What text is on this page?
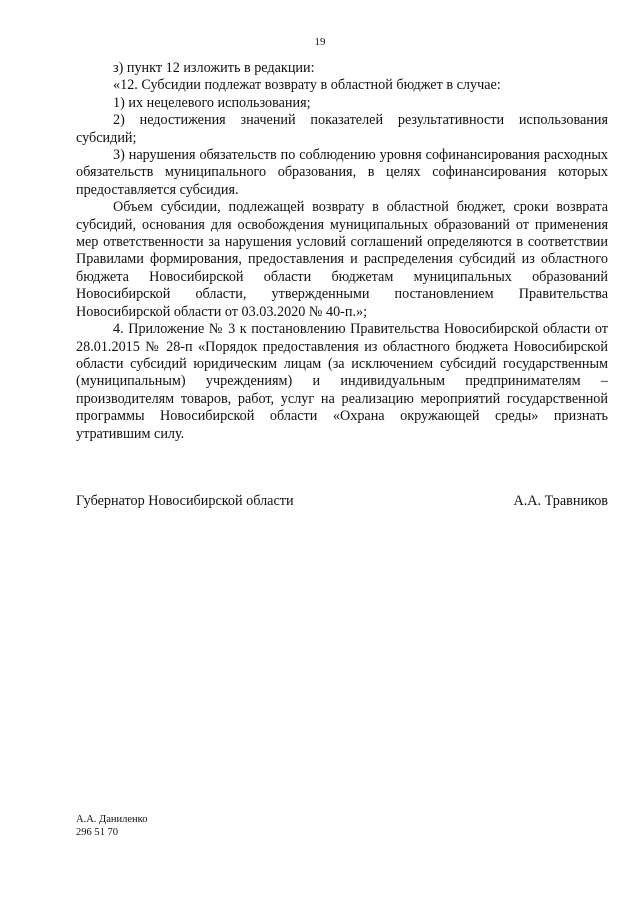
19

з) пункт 12 изложить в редакции:

«12. Субсидии подлежат возврату в областной бюджет в случае:

1) их нецелевого использования;

2) недостижения значений показателей результативности использования субсидий;

3) нарушения обязательств по соблюдению уровня софинансирования расходных обязательств муниципального образования, в целях софинансирования которых предоставляется субсидия.

Объем субсидии, подлежащей возврату в областной бюджет, сроки возврата субсидий, основания для освобождения муниципальных образований от применения мер ответственности за нарушения условий соглашений определяются в соответствии Правилами формирования, предоставления и распределения субсидий из областного бюджета Новосибирской области бюджетам муниципальных образований Новосибирской области, утвержденными постановлением Правительства Новосибирской области от 03.03.2020 № 40-п.»;

4. Приложение № 3 к постановлению Правительства Новосибирской области от 28.01.2015 № 28-п «Порядок предоставления из областного бюджета Новосибирской области субсидий юридическим лицам (за исключением субсидий государственным (муниципальным) учреждениям) и индивидуальным предпринимателям – производителям товаров, работ, услуг на реализацию мероприятий государственной программы Новосибирской области «Охрана окружающей среды» признать утратившим силу.

Губернатор Новосибирской области	А.А. Травников
А.А. Даниленко
296 51 70
